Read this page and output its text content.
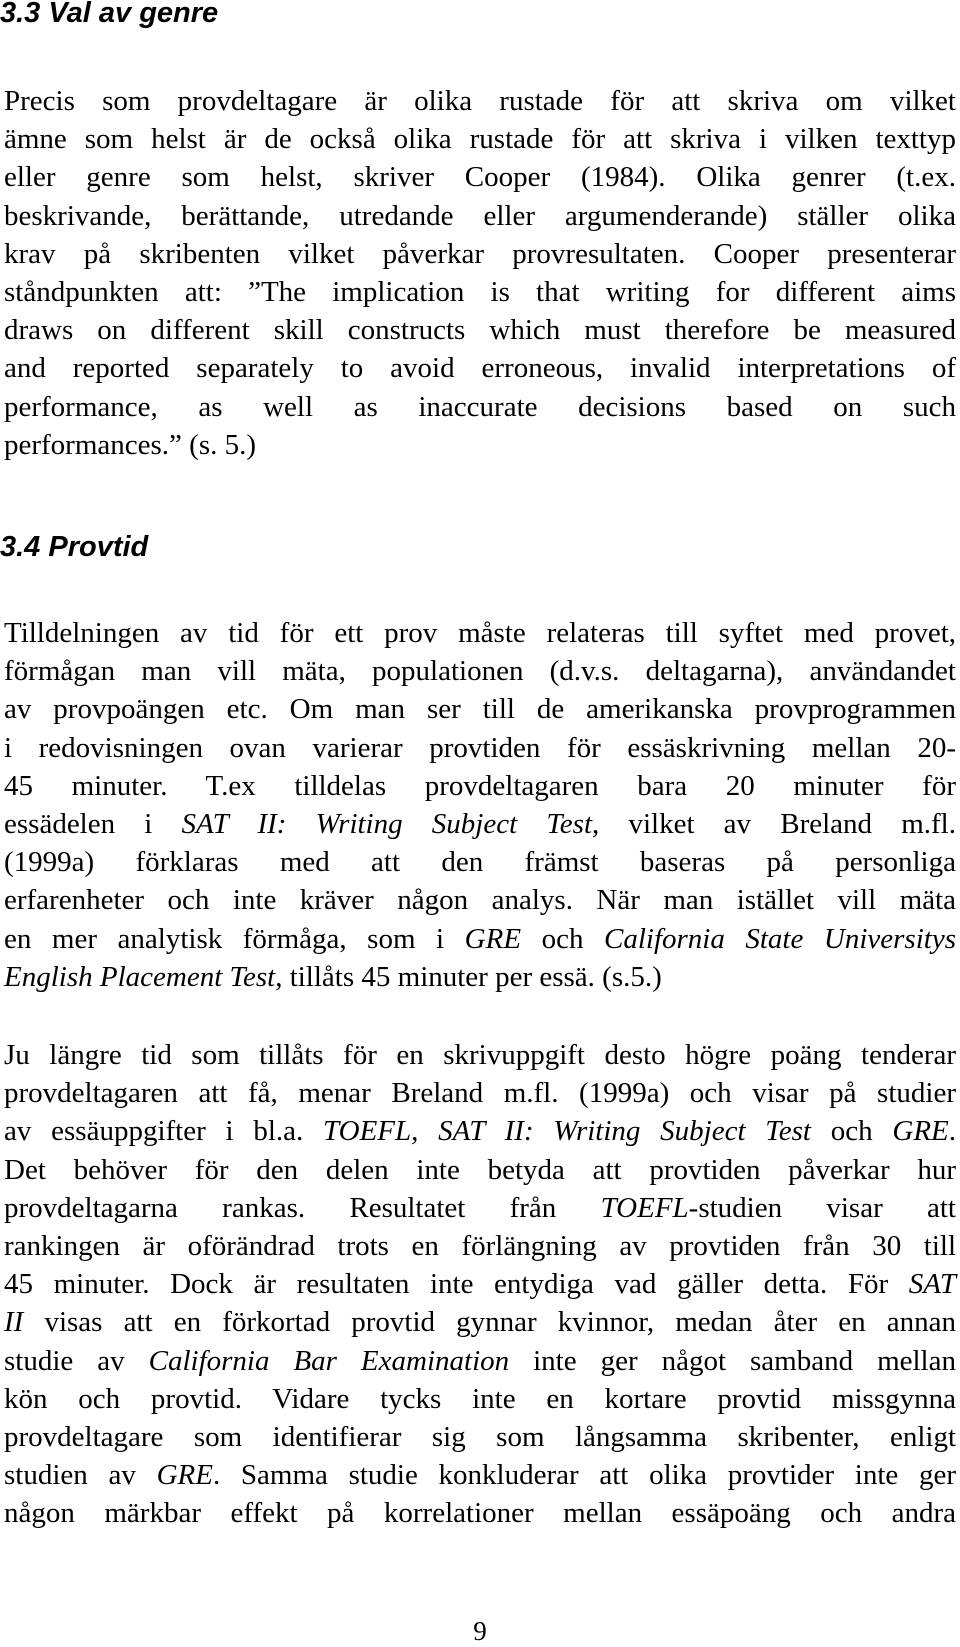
3.3 Val av genre
Precis som provdeltagare är olika rustade för att skriva om vilket
ämne som helst är de också olika rustade för att skriva i vilken texttyp
eller genre som helst, skriver Cooper (1984). Olika genrer (t.ex.
beskrivande, berättande, utredande eller argumenderande) ställer olika
krav på skribenten vilket påverkar provresultaten. Cooper presenterar
ståndpunkten att: ”The implication is that writing for different aims
draws on different skill constructs which must therefore be measured
and reported separately to avoid erroneous, invalid interpretations of
performance, as well as inaccurate decisions based on such
performances.” (s. 5.)
3.4 Provtid
Tilldelningen av tid för ett prov måste relateras till syftet med provet,
förmågan man vill mäta, populationen (d.v.s. deltagarna), användandet
av provpoängen etc. Om man ser till de amerikanska provprogrammen
i redovisningen ovan varierar provtiden för essäskrivning mellan 20-
45 minuter. T.ex tilldelas provdeltagaren bara 20 minuter för
essädelen i SAT II: Writing Subject Test, vilket av Breland m.fl.
(1999a) förklaras med att den främst baseras på personliga
erfarenheter och inte kräver någon analys. När man istället vill mäta
en mer analytisk förmåga, som i GRE och California State Universitys
English Placement Test, tillåts 45 minuter per essä. (s.5.)
Ju längre tid som tillåts för en skrivuppgift desto högre poäng tenderar
provdeltagaren att få, menar Breland m.fl. (1999a) och visar på studier
av essäuppgifter i bl.a. TOEFL, SAT II: Writing Subject Test och GRE.
Det behöver för den delen inte betyda att provtiden påverkar hur
provdeltagarna rankas. Resultatet från TOEFL-studien visar att
rankingen är oförändrad trots en förlängning av provtiden från 30 till
45 minuter. Dock är resultaten inte entydiga vad gäller detta. För SAT
II visas att en förkortad provtid gynnar kvinnor, medan åter en annan
studie av California Bar Examination inte ger något samband mellan
kön och provtid. Vidare tycks inte en kortare provtid missgynna
provdeltagare som identifierar sig som långsamma skribenter, enligt
studien av GRE. Samma studie konkluderar att olika provtider inte ger
någon märkbar effekt på korrelationer mellan essäpoäng och andra
9
